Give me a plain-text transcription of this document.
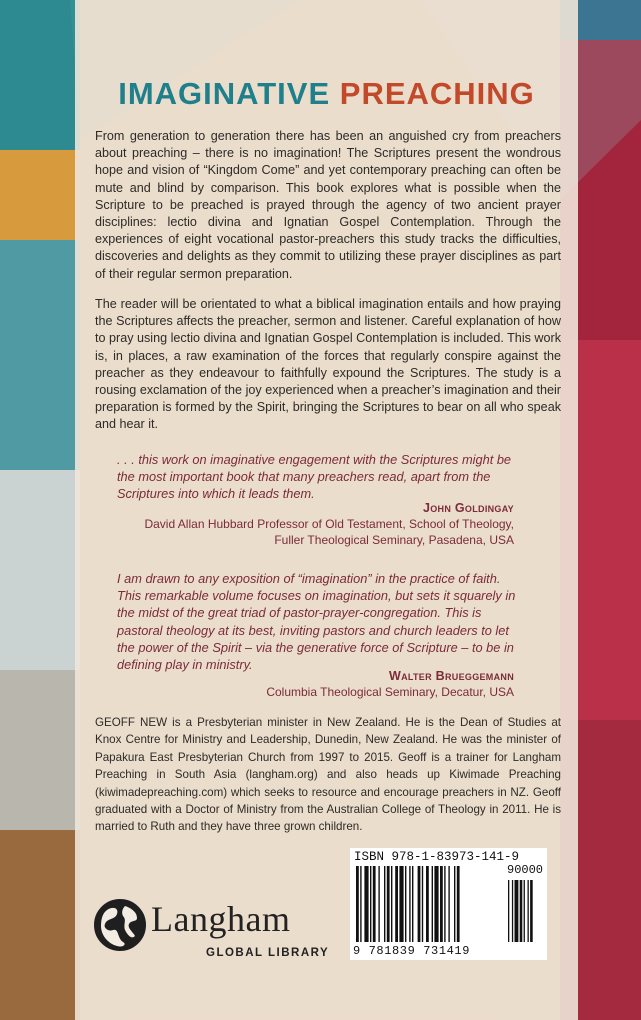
IMAGINATIVE PREACHING

From generation to generation there has been an anguished cry from preachers about preaching – there is no imagination! The Scriptures present the wondrous hope and vision of “Kingdom Come” and yet contemporary preaching can often be mute and blind by comparison. This book explores what is possible when the Scripture to be preached is prayed through the agency of two ancient prayer disciplines: lectio divina and Ignatian Gospel Contemplation. Through the experiences of eight vocational pastor-preachers this study tracks the difficulties, discoveries and delights as they commit to utilizing these prayer disciplines as part of their regular sermon preparation.

The reader will be orientated to what a biblical imagination entails and how praying the Scriptures affects the preacher, sermon and listener. Careful explanation of how to pray using lectio divina and Ignatian Gospel Contemplation is included. This work is, in places, a raw examination of the forces that regularly conspire against the preacher as they endeavour to faithfully expound the Scriptures. The study is a rousing exclamation of the joy experienced when a preacher’s imagination and their preparation is formed by the Spirit, bringing the Scriptures to bear on all who speak and hear it.

. . . this work on imaginative engagement with the Scriptures might be the most important book that many preachers read, apart from the Scriptures into which it leads them.

John Goldingay
David Allan Hubbard Professor of Old Testament, School of Theology,
Fuller Theological Seminary, Pasadena, USA

I am drawn to any exposition of “imagination” in the practice of faith. This remarkable volume focuses on imagination, but sets it squarely in the midst of the great triad of pastor-prayer-congregation. This is pastoral theology at its best, inviting pastors and church leaders to let the power of the Spirit – via the generative force of Scripture – to be in defining play in ministry.

Walter Brueggemann
Columbia Theological Seminary, Decatur, USA

GEOFF NEW is a Presbyterian minister in New Zealand. He is the Dean of Studies at Knox Centre for Ministry and Leadership, Dunedin, New Zealand. He was the minister of Papakura East Presbyterian Church from 1997 to 2015. Geoff is a trainer for Langham Preaching in South Asia (langham.org) and also heads up Kiwimade Preaching (kiwimadepreaching.com) which seeks to resource and encourage preachers in NZ. Geoff graduated with a Doctor of Ministry from the Australian College of Theology in 2011. He is married to Ruth and they have three grown children.

Langham
GLOBAL LIBRARY
ISBN 978-1-83973-141-9
90000
9 781839 731419
